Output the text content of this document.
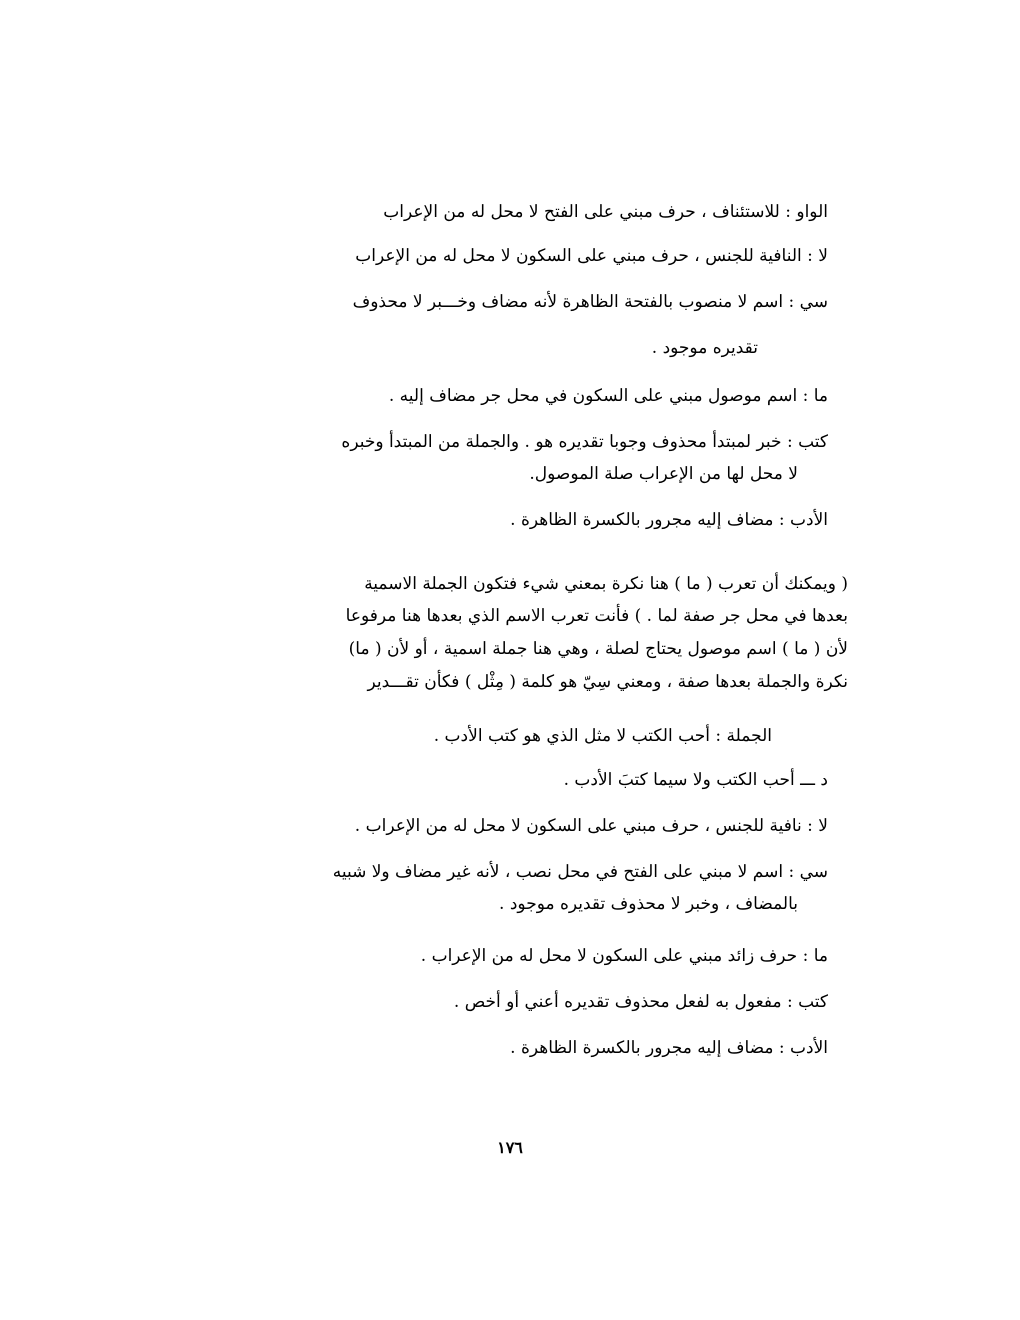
الواو : للاستئناف ، حرف مبني على الفتح لا محل له من الإعراب
لا : النافية للجنس ، حرف مبني على السكون لا محل له من الإعراب
سي : اسم لا منصوب بالفتحة الظاهرة لأنه مضاف وخـــبر لا محذوف
تقديره موجود .
ما : اسم موصول مبني على السكون في محل جر مضاف إليه .
كتب : خبر لمبتدأ محذوف وجوبا تقديره هو . والجملة من المبتدأ وخبره
لا محل لها من الإعراب صلة الموصول.
الأدب : مضاف إليه مجرور بالكسرة الظاهرة .
( ويمكنك أن تعرب ( ما ) هنا نكرة بمعني شيء فتكون الجملة الاسمية
بعدها في محل جر صفة لما . ) فأنت تعرب الاسم الذي بعدها هنا مرفوعا
لأن ( ما ) اسم موصول يحتاج لصلة ، وهي هنا جملة اسمية ، أو لأن ( ما)
نكرة والجملة بعدها صفة ، ومعني سِيّ هو كلمة ( مِثْل ) فكأن تقـــدير
الجملة : أحب الكتب لا مثل الذي هو كتب الأدب .
د ـــ أحب الكتب ولا سيما كتبَ الأدب .
لا : نافية للجنس ، حرف مبني على السكون لا محل له من الإعراب .
سي : اسم لا مبني على الفتح في محل نصب ، لأنه غير مضاف ولا شبيه
بالمضاف ، وخبر لا محذوف تقديره موجود .
ما : حرف زائد مبني على السكون لا محل له من الإعراب .
كتب : مفعول به لفعل محذوف تقديره أعني أو أخص .
الأدب : مضاف إليه مجرور بالكسرة الظاهرة .
١٧٦
